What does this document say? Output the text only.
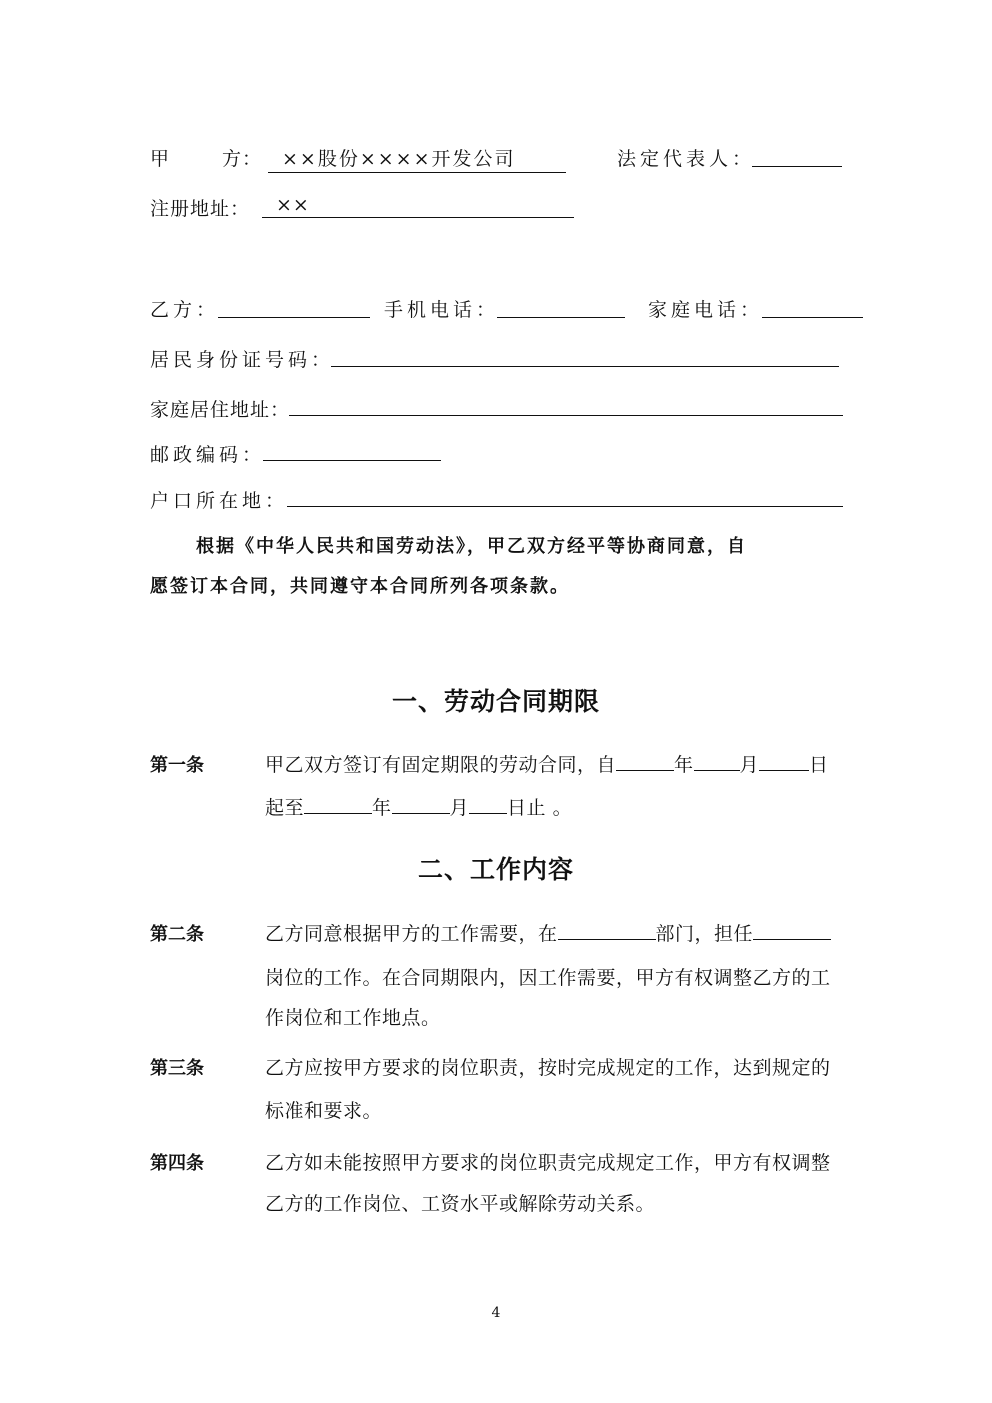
甲	方：	××股份××××开发公司	法定代表人：
注册地址：	××
乙方：	手机电话：	家庭电话：
居民身份证号码：
家庭居住地址：
邮政编码：
户口所在地：
根据《中华人民共和国劳动法》，甲乙双方经平等协商同意，自
愿签订本合同，共同遵守本合同所列各项条款。
一、劳动合同期限
第一条	甲乙双方签订有固定期限的劳动合同，自	年 月	日
起至	年	月 日止 。
二、工作内容
第二条	乙方同意根据甲方的工作需要，在	部门，担任
岗位的工作。在合同期限内，因工作需要，甲方有权调整乙方的工
作岗位和工作地点。
第三条	乙方应按甲方要求的岗位职责，按时完成规定的工作，达到规定的
标准和要求。
第四条	乙方如未能按照甲方要求的岗位职责完成规定工作，甲方有权调整
乙方的工作岗位、工资水平或解除劳动关系。
4
